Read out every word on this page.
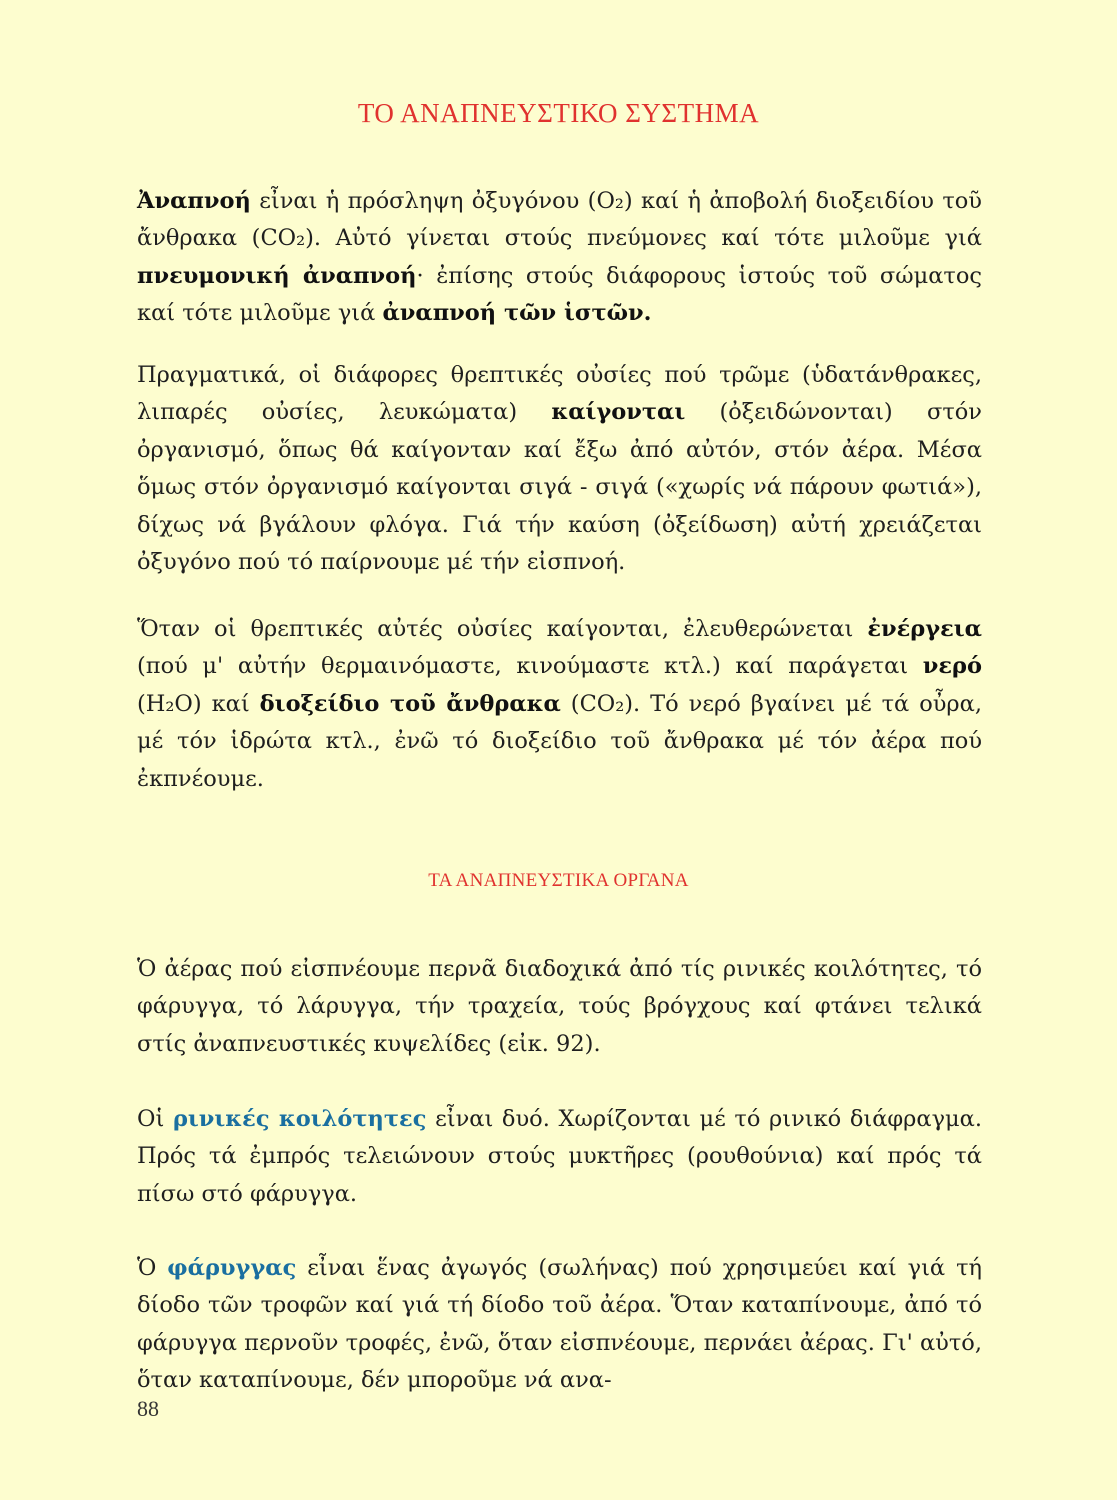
ΤΟ ΑΝΑΠΝΕΥΣΤΙΚΟ ΣΥΣΤΗΜΑ

Ἀναπνοή εἶναι ἡ πρόσληψη ὀξυγόνου (O₂) καί ἡ ἀποβολή διοξειδίου τοῦ ἄνθρακα (CO₂). Αὐτό γίνεται στούς πνεύμονες καί τότε μιλοῦμε γιά πνευμονική ἀναπνοή· ἐπίσης στούς διάφορους ἱστούς τοῦ σώματος καί τότε μιλοῦμε γιά ἀναπνοή τῶν ἱστῶν.

Πραγματικά, οἱ διάφορες θρεπτικές οὐσίες πού τρῶμε (ὑδατάνθρακες, λιπαρές οὐσίες, λευκώματα) καίγονται (ὀξειδώνονται) στόν ὀργανισμό, ὅπως θά καίγονταν καί ἔξω ἀπό αὐτόν, στόν ἀέρα. Μέσα ὅμως στόν ὀργανισμό καίγονται σιγά - σιγά («χωρίς νά πάρουν φωτιά»), δίχως νά βγάλουν φλόγα. Γιά τήν καύση (ὀξείδωση) αὐτή χρειάζεται ὀξυγόνο πού τό παίρνουμε μέ τήν εἰσπνοή.

Ὅταν οἱ θρεπτικές αὐτές οὐσίες καίγονται, ἐλευθερώνεται ἐνέργεια (πού μ' αὐτήν θερμαινόμαστε, κινούμαστε κτλ.) καί παράγεται νερό (H₂O) καί διοξείδιο τοῦ ἄνθρακα (CO₂). Τό νερό βγαίνει μέ τά οὖρα, μέ τόν ἱδρώτα κτλ., ἐνῶ τό διοξείδιο τοῦ ἄνθρακα μέ τόν ἀέρα πού ἐκπνέουμε.

ΤΑ ΑΝΑΠΝΕΥΣΤΙΚΑ ΟΡΓΑΝΑ

Ὁ ἀέρας πού εἰσπνέουμε περνᾶ διαδοχικά ἀπό τίς ρινικές κοιλότητες, τό φάρυγγα, τό λάρυγγα, τήν τραχεία, τούς βρόγχους καί φτάνει τελικά στίς ἀναπνευστικές κυψελίδες (εἰκ. 92).

Οἱ ρινικές κοιλότητες εἶναι δυό. Χωρίζονται μέ τό ρινικό διάφραγμα. Πρός τά ἐμπρός τελειώνουν στούς μυκτῆρες (ρουθούνια) καί πρός τά πίσω στό φάρυγγα.

Ὁ φάρυγγας εἶναι ἕνας ἀγωγός (σωλήνας) πού χρησιμεύει καί γιά τή δίοδο τῶν τροφῶν καί γιά τή δίοδο τοῦ ἀέρα. Ὅταν καταπίνουμε, ἀπό τό φάρυγγα περνοῦν τροφές, ἐνῶ, ὅταν εἰσπνέουμε, περνάει ἀέρας. Γι' αὐτό, ὅταν καταπίνουμε, δέν μποροῦμε νά ανα-

88
